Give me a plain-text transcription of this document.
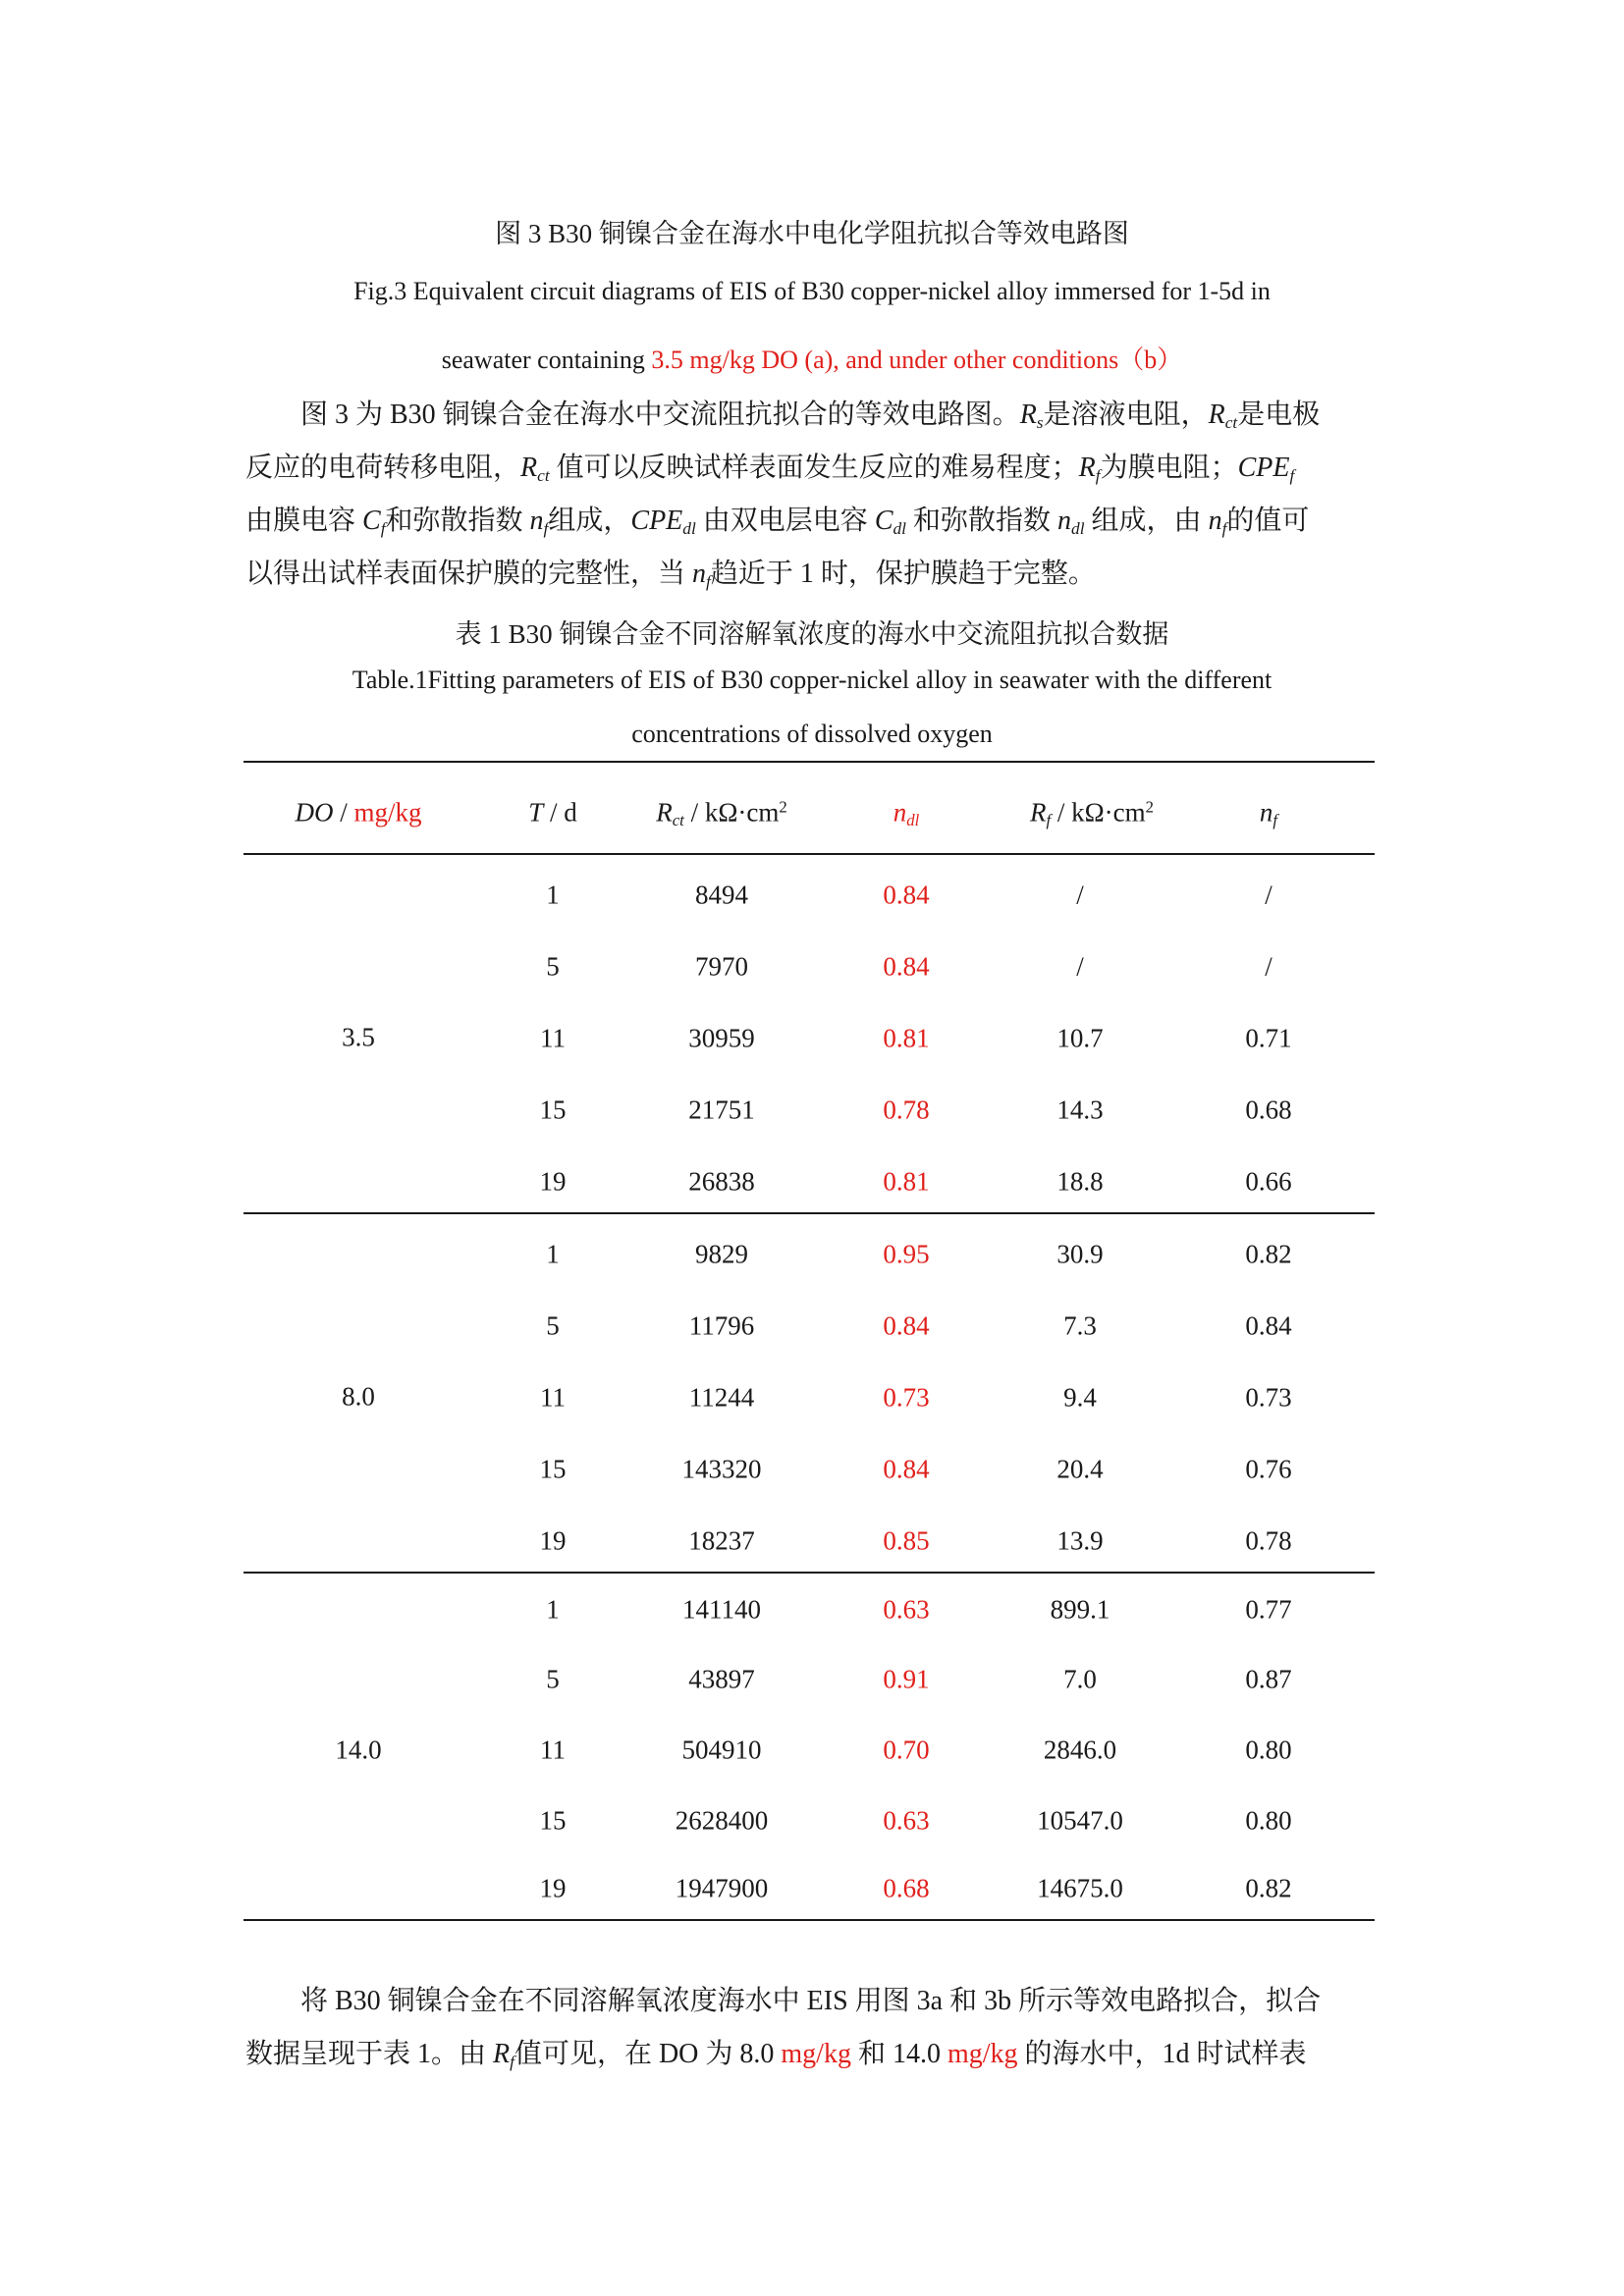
图 3 B30 铜镍合金在海水中电化学阻抗拟合等效电路图
Fig.3 Equivalent circuit diagrams of EIS of B30 copper-nickel alloy immersed for 1-5d in
seawater containing 3.5 mg/kg DO (a), and under other conditions（b）
图 3 为 B30 铜镍合金在海水中交流阻抗拟合的等效电路图。$R_s$是溶液电阻，$R_{ct}$是电极
反应的电荷转移电阻，$R_{ct}$ 值可以反映试样表面发生反应的难易程度；$R_f$为膜电阻；$CPE_f$
由膜电容 $C_f$和弥散指数 $n_f$组成，$CPE_{dl}$ 由双电层电容 $C_{dl}$ 和弥散指数 $n_{dl}$ 组成，由 $n_f$的值可
以得出试样表面保护膜的完整性，当 $n_f$趋近于 1 时，保护膜趋于完整。
表 1 B30 铜镍合金不同溶解氧浓度的海水中交流阻抗拟合数据
Table.1Fitting parameters of EIS of B30 copper-nickel alloy in seawater with the different
concentrations of dissolved oxygen
DO / mg/kg	T / d	$R_{ct} / k\Omega\cdot cm^2$	$n_{dl}$	$R_f / k\Omega\cdot cm^2$	$n_f$
3.5
1	8494	0.84	/	/
5	7970	0.84	/	/
11	30959	0.81	10.7	0.71
15	21751	0.78	14.3	0.68
19	26838	0.81	18.8	0.66
8.0
1	9829	0.95	30.9	0.82
5	11796	0.84	7.3	0.84
11	11244	0.73	9.4	0.73
15	143320	0.84	20.4	0.76
19	18237	0.85	13.9	0.78
14.0
1	141140	0.63	899.1	0.77
5	43897	0.91	7.0	0.87
11	504910	0.70	2846.0	0.80
15	2628400	0.63	10547.0	0.80
19	1947900	0.68	14675.0	0.82
将 B30 铜镍合金在不同溶解氧浓度海水中 EIS 用图 3a 和 3b 所示等效电路拟合，拟合
数据呈现于表 1。由 $R_f$值可见，在 DO 为 8.0 mg/kg 和 14.0 mg/kg 的海水中，1d 时试样表
